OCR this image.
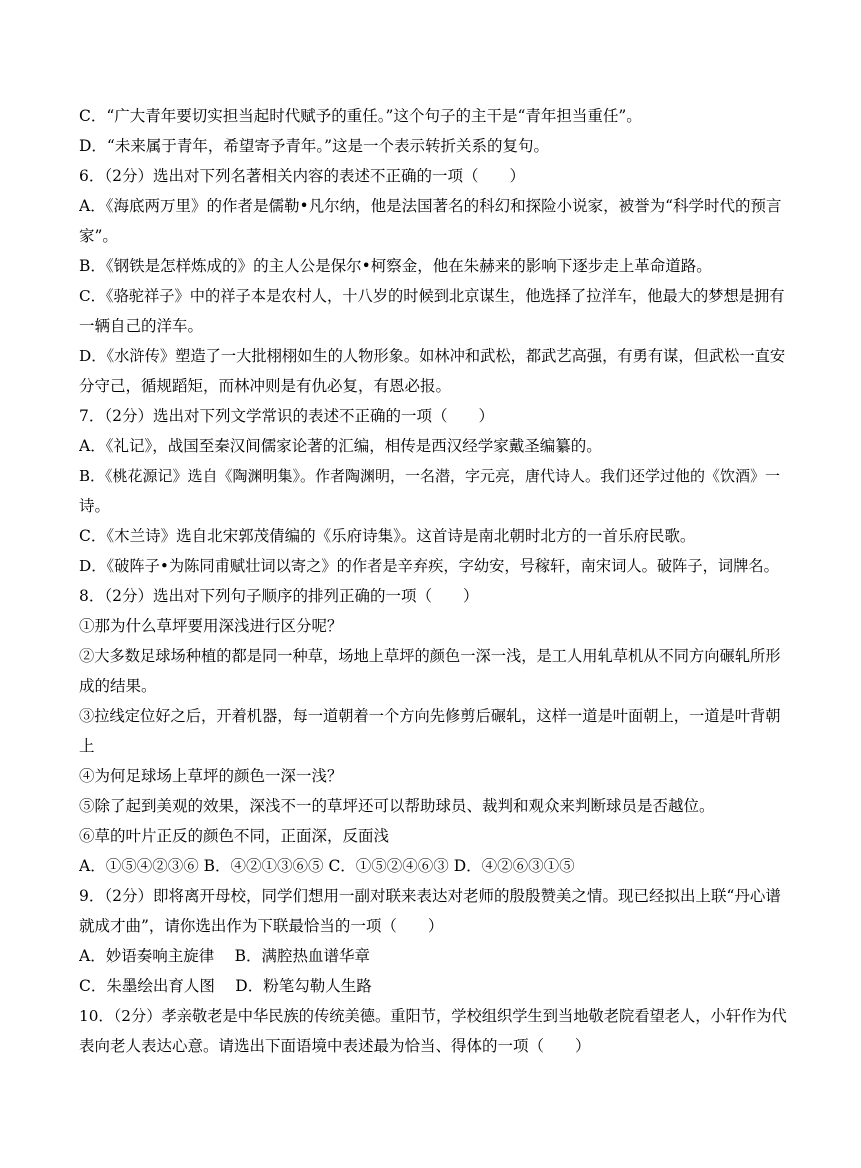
C．“广大青年要切实担当起时代赋予的重任。”这个句子的主干是“青年担当重任”。
D．“未来属于青年，希望寄予青年。”这是一个表示转折关系的复句。
6．（2分）选出对下列名著相关内容的表述不正确的一项（　　）
A．《海底两万里》的作者是儒勒•凡尔纳，他是法国著名的科幻和探险小说家，被誉为“科学时代的预言
家”。
B．《钢铁是怎样炼成的》的主人公是保尔•柯察金，他在朱赫来的影响下逐步走上革命道路。
C．《骆驼祥子》中的祥子本是农村人，十八岁的时候到北京谋生，他选择了拉洋车，他最大的梦想是拥有
一辆自己的洋车。
D．《水浒传》塑造了一大批栩栩如生的人物形象。如林冲和武松，都武艺高强，有勇有谋，但武松一直安
分守己，循规蹈矩，而林冲则是有仇必复，有恩必报。
7．（2分）选出对下列文学常识的表述不正确的一项（　　）
A．《礼记》，战国至秦汉间儒家论著的汇编，相传是西汉经学家戴圣编纂的。
B．《桃花源记》选自《陶渊明集》。作者陶渊明，一名潜，字元亮，唐代诗人。我们还学过他的《饮酒》一
诗。
C．《木兰诗》选自北宋郭茂倩编的《乐府诗集》。这首诗是南北朝时北方的一首乐府民歌。
D．《破阵子•为陈同甫赋壮词以寄之》的作者是辛弃疾，字幼安，号稼轩，南宋词人。破阵子，词牌名。
8．（2分）选出对下列句子顺序的排列正确的一项（　　）
①那为什么草坪要用深浅进行区分呢？
②大多数足球场种植的都是同一种草，场地上草坪的颜色一深一浅，是工人用轧草机从不同方向碾轧所形
成的结果。
③拉线定位好之后，开着机器，每一道朝着一个方向先修剪后碾轧，这样一道是叶面朝上，一道是叶背朝
上
④为何足球场上草坪的颜色一深一浅？
⑤除了起到美观的效果，深浅不一的草坪还可以帮助球员、裁判和观众来判断球员是否越位。
⑥草的叶片正反的颜色不同，正面深，反面浅
A．①⑤④②③⑥ B．④②①③⑥⑤ C．①⑤②④⑥③ D．④②⑥③①⑤
9．（2分）即将离开母校，同学们想用一副对联来表达对老师的殷殷赞美之情。现已经拟出上联“丹心谱
就成才曲”，请你选出作为下联最恰当的一项（　　）
A．妙语奏响主旋律　 B．满腔热血谱华章
C．朱墨绘出育人图　 D．粉笔勾勒人生路
10．（2分）孝亲敬老是中华民族的传统美德。重阳节，学校组织学生到当地敬老院看望老人，小轩作为代
表向老人表达心意。请选出下面语境中表述最为恰当、得体的一项（　　）
